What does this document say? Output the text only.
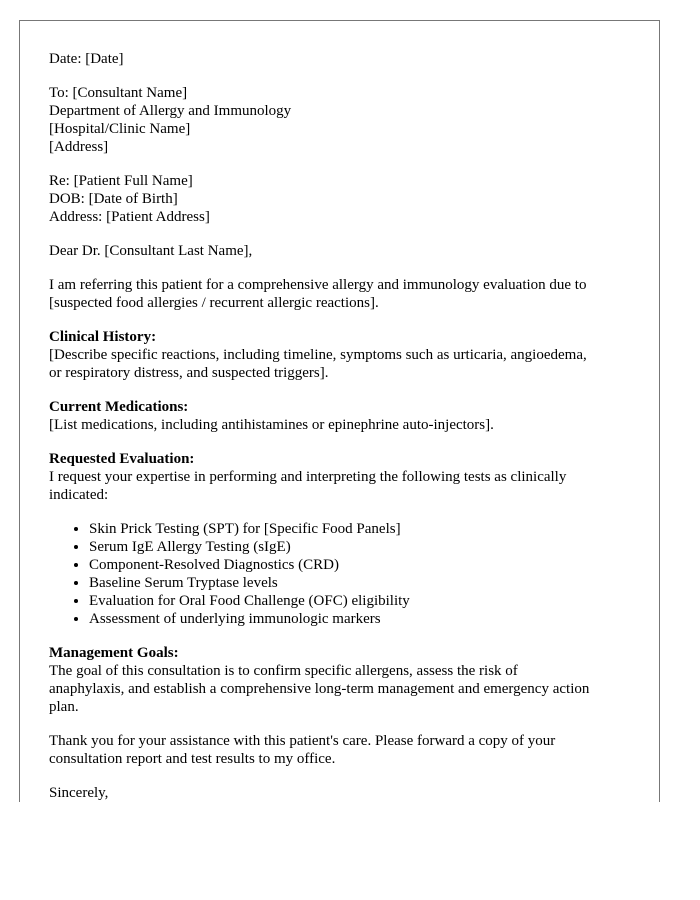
Date: [Date]
To: [Consultant Name]
Department of Allergy and Immunology
[Hospital/Clinic Name]
[Address]
Re: [Patient Full Name]
DOB: [Date of Birth]
Address: [Patient Address]
Dear Dr. [Consultant Last Name],
I am referring this patient for a comprehensive allergy and immunology evaluation due to
[suspected food allergies / recurrent allergic reactions].
Clinical History:
[Describe specific reactions, including timeline, symptoms such as urticaria, angioedema,
or respiratory distress, and suspected triggers].
Current Medications:
[List medications, including antihistamines or epinephrine auto-injectors].
Requested Evaluation:
I request your expertise in performing and interpreting the following tests as clinically
indicated:
• Skin Prick Testing (SPT) for [Specific Food Panels]
• Serum IgE Allergy Testing (sIgE)
• Component-Resolved Diagnostics (CRD)
• Baseline Serum Tryptase levels
• Evaluation for Oral Food Challenge (OFC) eligibility
• Assessment of underlying immunologic markers
Management Goals:
The goal of this consultation is to confirm specific allergens, assess the risk of
anaphylaxis, and establish a comprehensive long-term management and emergency action
plan.
Thank you for your assistance with this patient's care. Please forward a copy of your
consultation report and test results to my office.
Sincerely,
